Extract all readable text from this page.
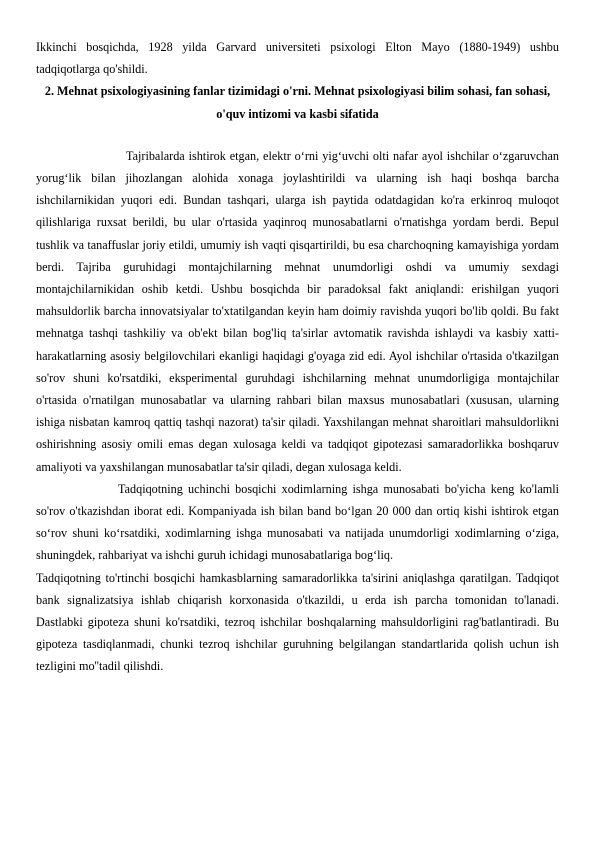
Ikkinchi bosqichda, 1928 yilda Garvard universiteti psixologi Elton Mayo (1880-1949) ushbu tadqiqotlarga qo'shildi.

2. Mehnat psixologiyasining fanlar tizimidagi o'rni. Mehnat psixologiyasi bilim sohasi, fan sohasi, o'quv intizomi va kasbi sifatida

Tajribalarda ishtirok etgan, elektr o‘rni yig‘uvchi olti nafar ayol ishchilar o‘zgaruvchan yorug‘lik bilan jihozlangan alohida xonaga joylashtirildi va ularning ish haqi boshqa barcha ishchilarnikidan yuqori edi. Bundan tashqari, ularga ish paytida odatdagidan ko'ra erkinroq muloqot qilishlariga ruxsat berildi, bu ular o'rtasida yaqinroq munosabatlarni o'rnatishga yordam berdi. Bepul tushlik va tanaffuslar joriy etildi, umumiy ish vaqti qisqartirildi, bu esa charchoqning kamayishiga yordam berdi. Tajriba guruhidagi montajchilarning mehnat unumdorligi oshdi va umumiy sexdagi montajchilarnikidan oshib ketdi. Ushbu bosqichda bir paradoksal fakt aniqlandi: erishilgan yuqori mahsuldorlik barcha innovatsiyalar to'xtatilgandan keyin ham doimiy ravishda yuqori bo'lib qoldi. Bu fakt mehnatga tashqi tashkiliy va ob'ekt bilan bog'liq ta'sirlar avtomatik ravishda ishlaydi va kasbiy xatti-harakatlarning asosiy belgilovchilari ekanligi haqidagi g'oyaga zid edi. Ayol ishchilar o'rtasida o'tkazilgan so'rov shuni ko'rsatdiki, eksperimental guruhdagi ishchilarning mehnat unumdorligiga montajchilar o'rtasida o'rnatilgan munosabatlar va ularning rahbari bilan maxsus munosabatlari (xususan, ularning ishiga nisbatan kamroq qattiq tashqi nazorat) ta'sir qiladi. Yaxshilangan mehnat sharoitlari mahsuldorlikni oshirishning asosiy omili emas degan xulosaga keldi va tadqiqot gipotezasi samaradorlikka boshqaruv amaliyoti va yaxshilangan munosabatlar ta'sir qiladi, degan xulosaga keldi.

Tadqiqotning uchinchi bosqichi xodimlarning ishga munosabati bo'yicha keng ko'lamli so'rov o'tkazishdan iborat edi. Kompaniyada ish bilan band bo‘lgan 20 000 dan ortiq kishi ishtirok etgan so‘rov shuni ko‘rsatdiki, xodimlarning ishga munosabati va natijada unumdorligi xodimlarning o‘ziga, shuningdek, rahbariyat va ishchi guruh ichidagi munosabatlariga bog‘liq.

Tadqiqotning to'rtinchi bosqichi hamkasblarning samaradorlikka ta'sirini aniqlashga qaratilgan. Tadqiqot bank signalizatsiya ishlab chiqarish korxonasida o'tkazildi, u erda ish parcha tomonidan to'lanadi. Dastlabki gipoteza shuni ko'rsatdiki, tezroq ishchilar boshqalarning mahsuldorligini rag'batlantiradi. Bu gipoteza tasdiqlanmadi, chunki tezroq ishchilar guruhning belgilangan standartlarida qolish uchun ish tezligini mo''tadil qilishdi.
